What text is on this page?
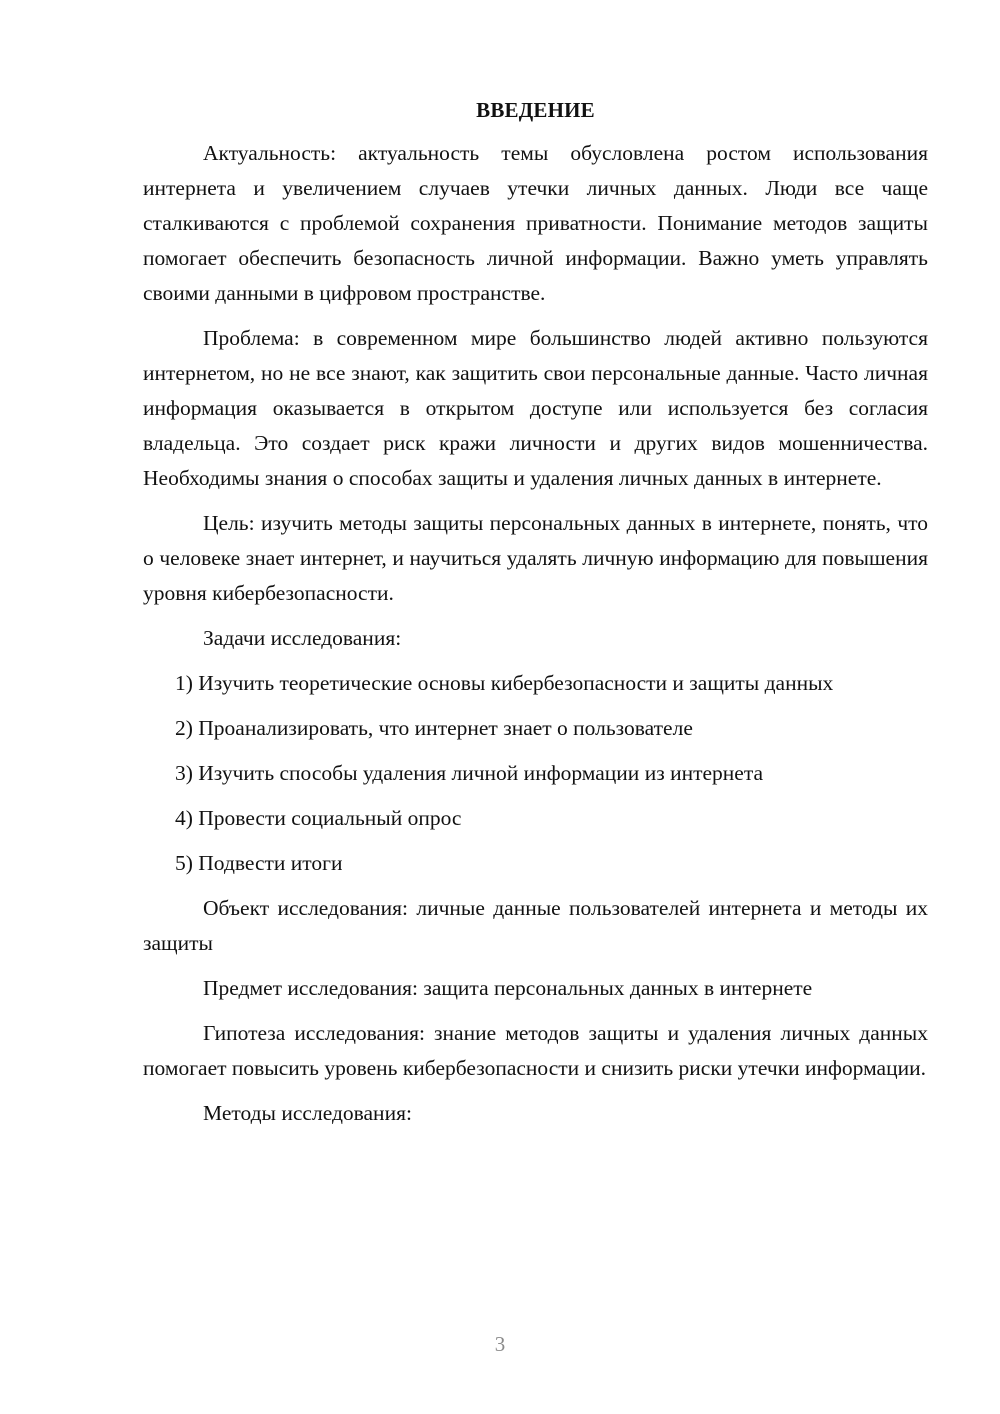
ВВЕДЕНИЕ

Актуальность: актуальность темы обусловлена ростом использования интернета и увеличением случаев утечки личных данных. Люди все чаще сталкиваются с проблемой сохранения приватности. Понимание методов защиты помогает обеспечить безопасность личной информации. Важно уметь управлять своими данными в цифровом пространстве.

Проблема: в современном мире большинство людей активно пользуются интернетом, но не все знают, как защитить свои персональные данные. Часто личная информация оказывается в открытом доступе или используется без согласия владельца. Это создает риск кражи личности и других видов мошенничества. Необходимы знания о способах защиты и удаления личных данных в интернете.

Цель: изучить методы защиты персональных данных в интернете, понять, что о человеке знает интернет, и научиться удалять личную информацию для повышения уровня кибербезопасности.

Задачи исследования:

1) Изучить теоретические основы кибербезопасности и защиты данных

2) Проанализировать, что интернет знает о пользователе

3) Изучить способы удаления личной информации из интернета

4) Провести социальный опрос

5) Подвести итоги

Объект исследования: личные данные пользователей интернета и методы их защиты

Предмет исследования: защита персональных данных в интернете

Гипотеза исследования: знание методов защиты и удаления личных данных помогает повысить уровень кибербезопасности и снизить риски утечки информации.

Методы исследования:

3
